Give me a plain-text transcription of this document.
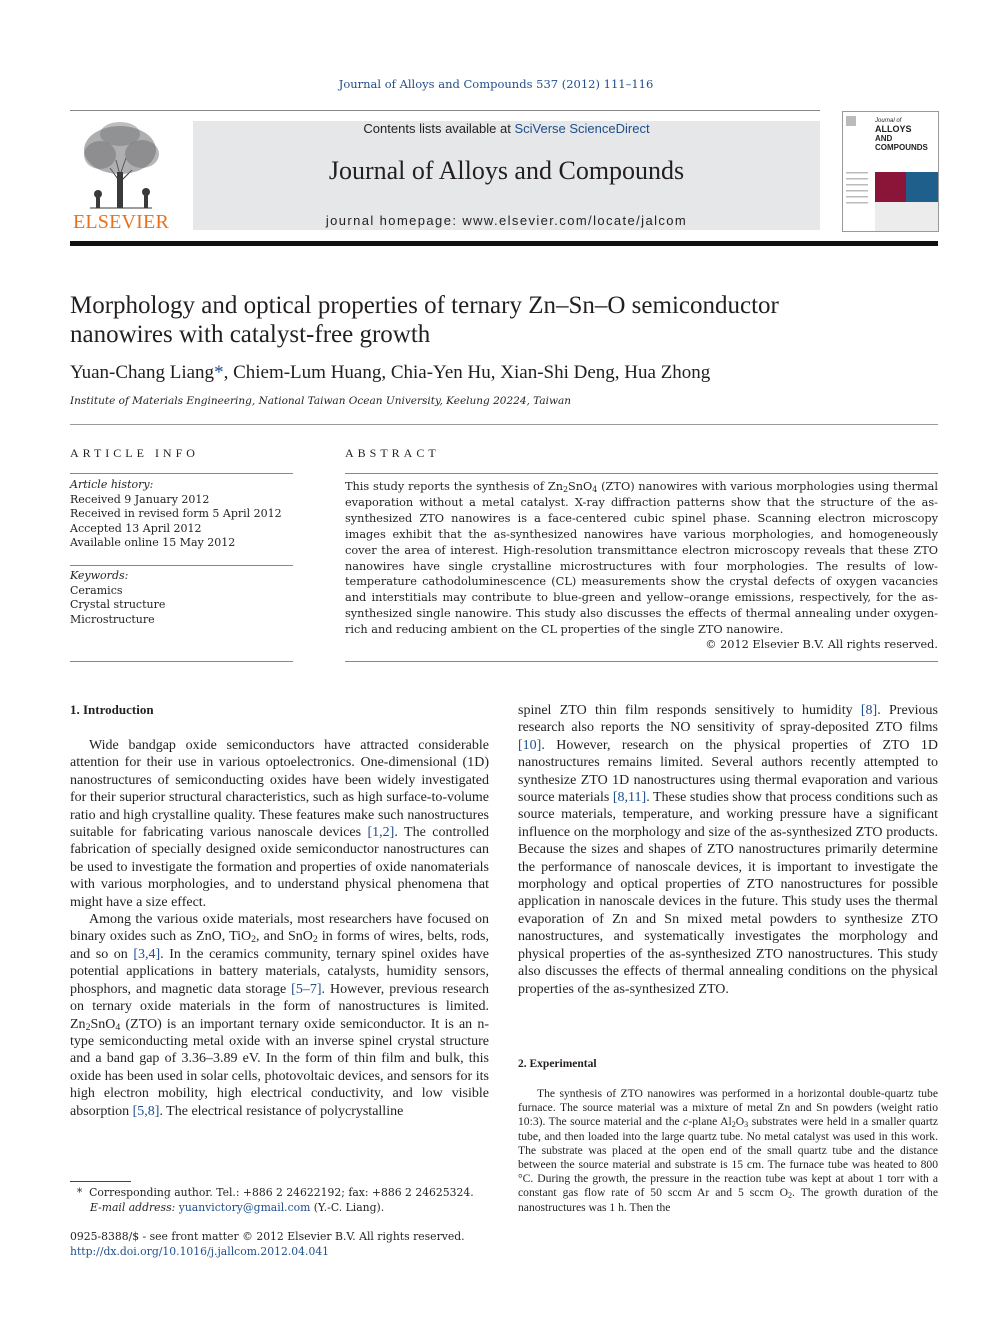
Journal of Alloys and Compounds 537 (2012) 111–116
ELSEVIER
Contents lists available at SciVerse ScienceDirect
Journal of Alloys and Compounds
journal homepage: www.elsevier.com/locate/jalcom
Journal of
ALLOYS
AND COMPOUNDS
Morphology and optical properties of ternary Zn–Sn–O semiconductor
nanowires with catalyst-free growth
Yuan-Chang Liang*, Chiem-Lum Huang, Chia-Yen Hu, Xian-Shi Deng, Hua Zhong
Institute of Materials Engineering, National Taiwan Ocean University, Keelung 20224, Taiwan
ARTICLE INFO
Article history:
Received 9 January 2012
Received in revised form 5 April 2012
Accepted 13 April 2012
Available online 15 May 2012
Keywords:
Ceramics
Crystal structure
Microstructure
ABSTRACT
This study reports the synthesis of $Zn_2SnO_4$ (ZTO) nanowires with various morphologies using thermal evaporation without a metal catalyst. X-ray diffraction patterns show that the structure of the as-synthesized ZTO nanowires is a face-centered cubic spinel phase. Scanning electron microscopy images exhibit that the as-synthesized nanowires have various morphologies, and homogeneously cover the area of interest. High-resolution transmittance electron microscopy reveals that these ZTO nanowires have single crystalline microstructures with four morphologies. The results of low-temperature cathodoluminescence (CL) measurements show the crystal defects of oxygen vacancies and interstitials may contribute to blue-green and yellow–orange emissions, respectively, for the as-synthesized single nanowire. This study also discusses the effects of thermal annealing under oxygen-rich and reducing ambient on the CL properties of the single ZTO nanowire.
© 2012 Elsevier B.V. All rights reserved.
1. Introduction

Wide bandgap oxide semiconductors have attracted considerable attention for their use in various optoelectronics. One-dimensional (1D) nanostructures of semiconducting oxides have been widely investigated for their superior structural characteristics, such as high surface-to-volume ratio and high crystalline quality. These features make such nanostructures suitable for fabricating various nanoscale devices [1,2]. The controlled fabrication of specially designed oxide semiconductor nanostructures can be used to investigate the formation and properties of oxide nanomaterials with various morphologies, and to understand physical phenomena that might have a size effect.

Among the various oxide materials, most researchers have focused on binary oxides such as ZnO, TiO$_2$, and SnO$_2$ in forms of wires, belts, rods, and so on [3,4]. In the ceramics community, ternary spinel oxides have potential applications in battery materials, catalysts, humidity sensors, phosphors, and magnetic data storage [5–7]. However, previous research on ternary oxide materials in the form of nanostructures is limited. $Zn_2SnO_4$ (ZTO) is an important ternary oxide semiconductor. It is an n-type semiconducting metal oxide with an inverse spinel crystal structure and a band gap of 3.36–3.89 eV. In the form of thin film and bulk, this oxide has been used in solar cells, photovoltaic devices, and sensors for its high electron mobility, high electrical conductivity, and low visible absorption [5,8]. The electrical resistance of polycrystalline

spinel ZTO thin film responds sensitively to humidity [8]. Previous research also reports the NO sensitivity of spray-deposited ZTO films [10]. However, research on the physical properties of ZTO 1D nanostructures remains limited. Several authors recently attempted to synthesize ZTO 1D nanostructures using thermal evaporation and various source materials [8,11]. These studies show that process conditions such as source materials, temperature, and working pressure have a significant influence on the morphology and size of the as-synthesized ZTO products. Because the sizes and shapes of ZTO nanostructures primarily determine the performance of nanoscale devices, it is important to investigate the morphology and optical properties of ZTO nanostructures for possible application in nanoscale devices in the future. This study uses the thermal evaporation of Zn and Sn mixed metal powders to synthesize ZTO nanostructures, and systematically investigates the morphology and physical properties of the as-synthesized ZTO nanostructures. This study also discusses the effects of thermal annealing conditions on the physical properties of the as-synthesized ZTO.

2. Experimental

The synthesis of ZTO nanowires was performed in a horizontal double-quartz tube furnace. The source material was a mixture of metal Zn and Sn powders (weight ratio 10:3). The source material and the c-plane $Al_2O_3$ substrates were held in a smaller quartz tube, and then loaded into the large quartz tube. No metal catalyst was used in this work. The substrate was placed at the open end of the small quartz tube and the distance between the source material and substrate is 15 cm. The furnace tube was heated to 800 °C. During the growth, the pressure in the reaction tube was kept at about 1 torr with a constant gas flow rate of 50 sccm Ar and 5 sccm $O_2$. The growth duration of the nanostructures was 1 h. Then the

* Corresponding author. Tel.: +886 2 24622192; fax: +886 2 24625324.
E-mail address: yuanvictory@gmail.com (Y.-C. Liang).
0925-8388/$ - see front matter © 2012 Elsevier B.V. All rights reserved.
http://dx.doi.org/10.1016/j.jallcom.2012.04.041
